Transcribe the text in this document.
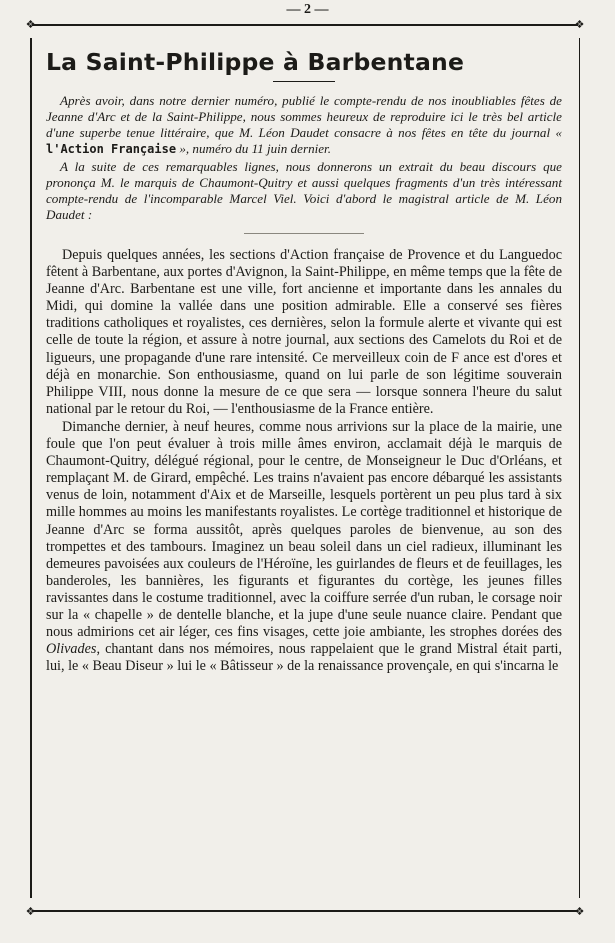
— 2 —
❖	❖
❖	❖
La Saint-Philippe à Barbentane

Après avoir, dans notre dernier numéro, publié le compte-rendu de nos inoubliables fêtes de Jeanne d'Arc et de la Saint-Philippe, nous sommes heureux de reproduire ici le très bel article d'une superbe tenue littéraire, que M. Léon Daudet consacre à nos fêtes en tête du journal « l'Action Française », numéro du 11 juin dernier.

A la suite de ces remarquables lignes, nous donnerons un extrait du beau discours que prononça M. le marquis de Chaumont-Quitry et aussi quelques fragments d'un très intéressant compte-rendu de l'incomparable Marcel Viel. Voici d'abord le magistral article de M. Léon Daudet :

Depuis quelques années, les sections d'Action française de Provence et du Languedoc fêtent à Barbentane, aux portes d'Avignon, la Saint-Philippe, en même temps que la fête de Jeanne d'Arc. Barbentane est une ville, fort ancienne et importante dans les annales du Midi, qui domine la vallée dans une position admirable. Elle a conservé ses fières traditions catholiques et royalistes, ces dernières, selon la formule alerte et vivante qui est celle de toute la région, et assure à notre journal, aux sections des Camelots du Roi et de ligueurs, une propagande d'une rare intensité. Ce merveilleux coin de F ance est d'ores et déjà en monarchie. Son enthousiasme, quand on lui parle de son légitime souverain Philippe VIII, nous donne la mesure de ce que sera — lorsque sonnera l'heure du salut national par le retour du Roi, — l'enthousiasme de la France entière.

Dimanche dernier, à neuf heures, comme nous arrivions sur la place de la mairie, une foule que l'on peut évaluer à trois mille âmes environ, acclamait déjà le marquis de Chaumont-Quitry, délégué régional, pour le centre, de Monseigneur le Duc d'Orléans, et remplaçant M. de Girard, empêché. Les trains n'avaient pas encore débarqué les assistants venus de loin, notamment d'Aix et de Marseille, lesquels portèrent un peu plus tard à six mille hommes au moins les manifestants royalistes. Le cortège traditionnel et historique de Jeanne d'Arc se forma aussitôt, après quelques paroles de bienvenue, au son des trompettes et des tambours. Imaginez un beau soleil dans un ciel radieux, illuminant les demeures pavoisées aux couleurs de l'Héroïne, les guirlandes de fleurs et de feuillages, les banderoles, les bannières, les figurants et figurantes du cortège, les jeunes filles ravissantes dans le costume traditionnel, avec la coiffure serrée d'un ruban, le corsage noir sur la « chapelle » de dentelle blanche, et la jupe d'une seule nuance claire. Pendant que nous admirions cet air léger, ces fins visages, cette joie ambiante, les strophes dorées des Olivades, chantant dans nos mémoires, nous rappelaient que le grand Mistral était parti, lui, le « Beau Diseur » lui le « Bâtisseur » de la renaissance provençale, en qui s'incarna le
